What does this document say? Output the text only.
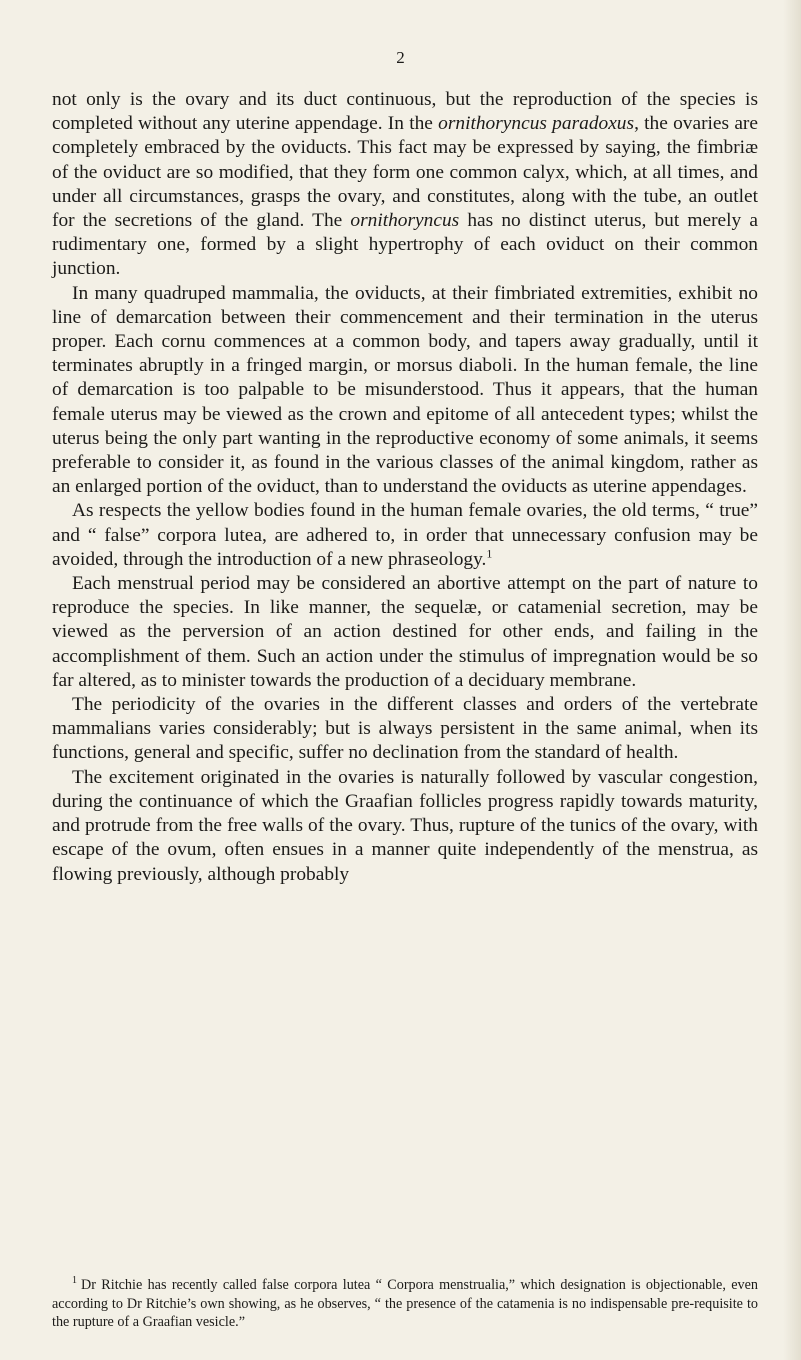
2

not only is the ovary and its duct continuous, but the reproduction of the species is completed without any uterine appendage. In the ornithoryncus paradoxus, the ovaries are completely embraced by the oviducts. This fact may be expressed by saying, the fimbriæ of the oviduct are so modified, that they form one common calyx, which, at all times, and under all circumstances, grasps the ovary, and constitutes, along with the tube, an outlet for the secretions of the gland. The ornithoryncus has no distinct uterus, but merely a rudimentary one, formed by a slight hypertrophy of each oviduct on their common junction.

In many quadruped mammalia, the oviducts, at their fimbriated extremities, exhibit no line of demarcation between their commencement and their termination in the uterus proper. Each cornu commences at a common body, and tapers away gradually, until it terminates abruptly in a fringed margin, or morsus diaboli. In the human female, the line of demarcation is too palpable to be misunderstood. Thus it appears, that the human female uterus may be viewed as the crown and epitome of all antecedent types; whilst the uterus being the only part wanting in the reproductive economy of some animals, it seems preferable to consider it, as found in the various classes of the animal kingdom, rather as an enlarged portion of the oviduct, than to understand the oviducts as uterine appendages.

As respects the yellow bodies found in the human female ovaries, the old terms, “ true” and “ false” corpora lutea, are adhered to, in order that unnecessary confusion may be avoided, through the introduction of a new phraseology.$^1$

Each menstrual period may be considered an abortive attempt on the part of nature to reproduce the species. In like manner, the sequelæ, or catamenial secretion, may be viewed as the perversion of an action destined for other ends, and failing in the accomplishment of them. Such an action under the stimulus of impregnation would be so far altered, as to minister towards the production of a deciduary membrane.

The periodicity of the ovaries in the different classes and orders of the vertebrate mammalians varies considerably; but is always persistent in the same animal, when its functions, general and specific, suffer no declination from the standard of health.

The excitement originated in the ovaries is naturally followed by vascular congestion, during the continuance of which the Graafian follicles progress rapidly towards maturity, and protrude from the free walls of the ovary. Thus, rupture of the tunics of the ovary, with escape of the ovum, often ensues in a manner quite independently of the menstrua, as flowing previously, although probably

$^1$ Dr Ritchie has recently called false corpora lutea “ Corpora menstrualia,” which designation is objectionable, even according to Dr Ritchie’s own showing, as he observes, “ the presence of the catamenia is no indispensable pre-requisite to the rupture of a Graafian vesicle.”
